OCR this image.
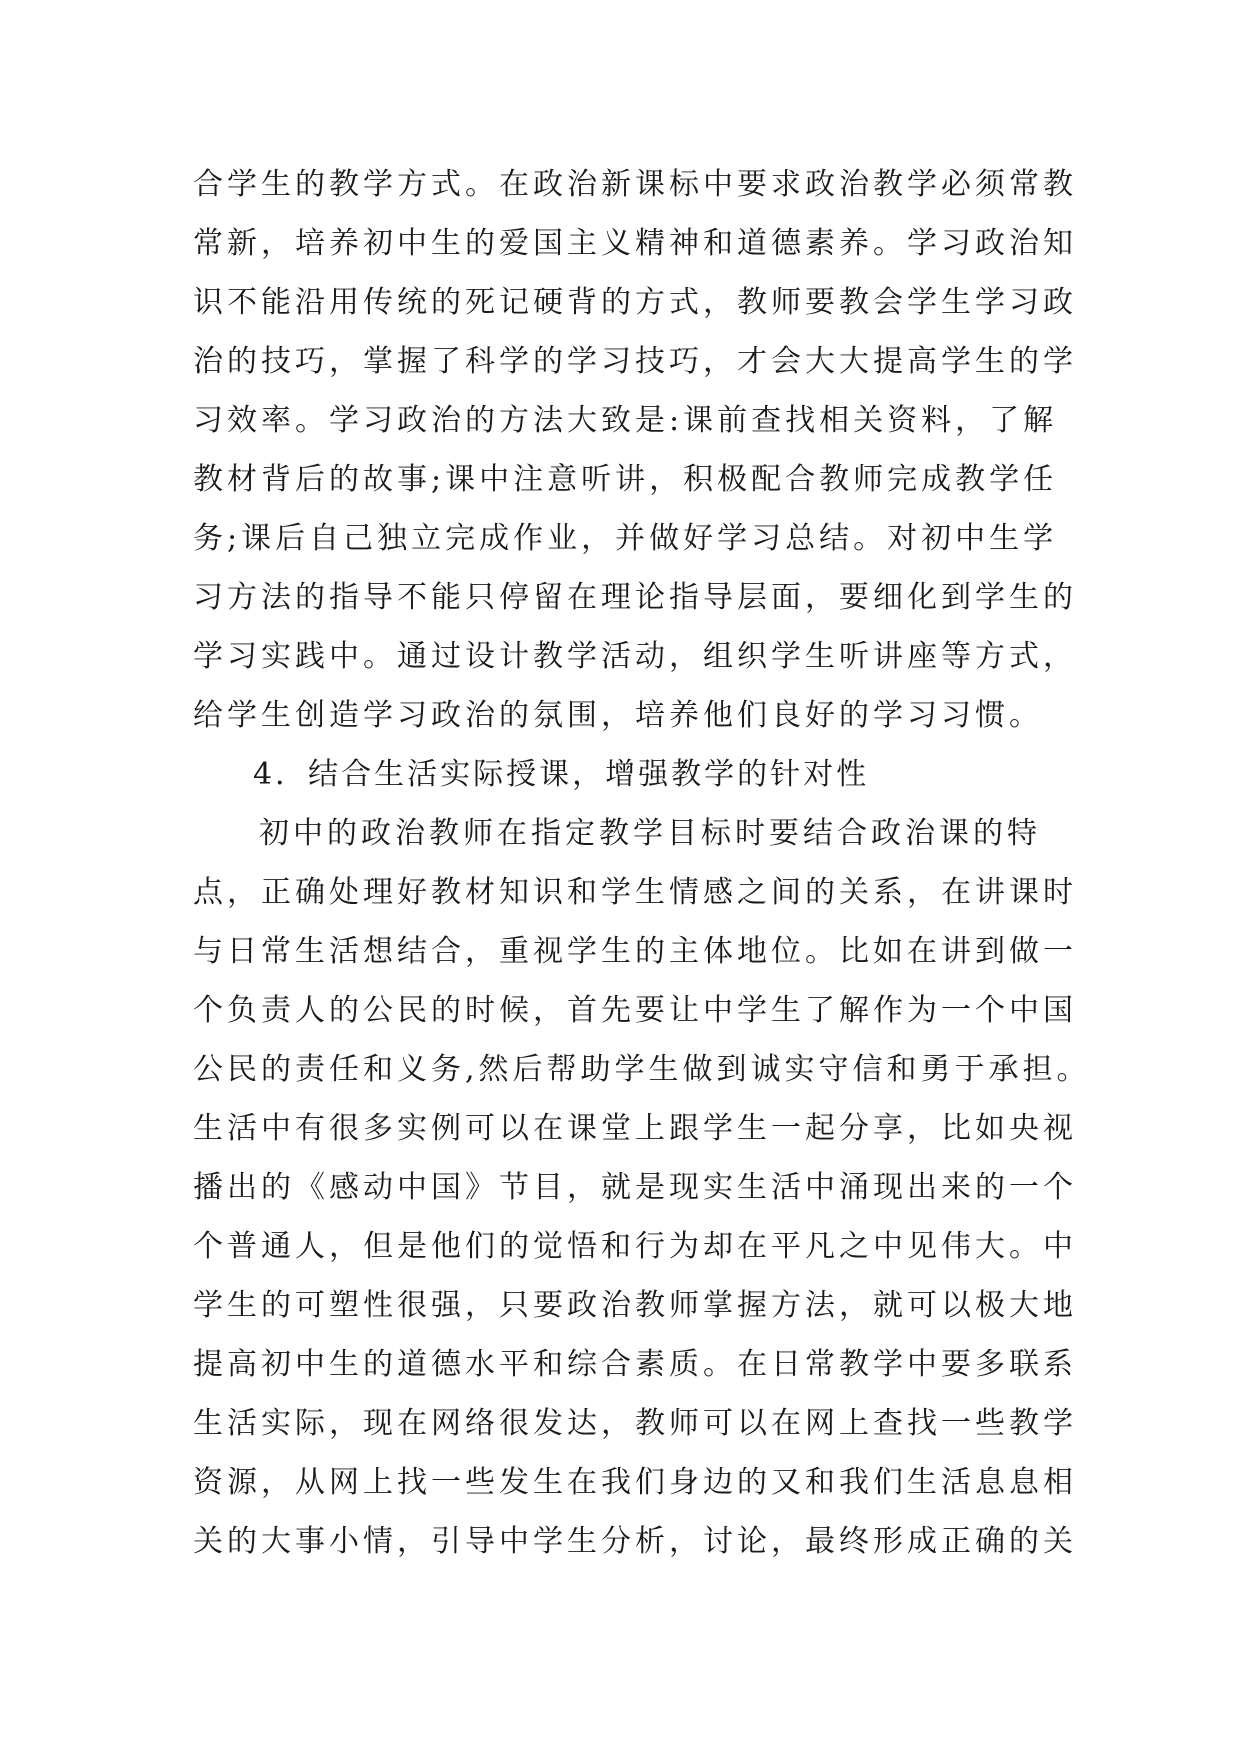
合学生的教学方式。在政治新课标中要求政治教学必须常教
常新，培养初中生的爱国主义精神和道德素养。学习政治知
识不能沿用传统的死记硬背的方式，教师要教会学生学习政
治的技巧，掌握了科学的学习技巧，才会大大提高学生的学
习效率。学习政治的方法大致是:课前查找相关资料，了解
教材背后的故事;课中注意听讲，积极配合教师完成教学任
务;课后自己独立完成作业，并做好学习总结。对初中生学
习方法的指导不能只停留在理论指导层面，要细化到学生的
学习实践中。通过设计教学活动，组织学生听讲座等方式，
给学生创造学习政治的氛围，培养他们良好的学习习惯。
4．结合生活实际授课，增强教学的针对性
初中的政治教师在指定教学目标时要结合政治课的特
点，正确处理好教材知识和学生情感之间的关系，在讲课时
与日常生活想结合，重视学生的主体地位。比如在讲到做一
个负责人的公民的时候，首先要让中学生了解作为一个中国
公民的责任和义务,然后帮助学生做到诚实守信和勇于承担。
生活中有很多实例可以在课堂上跟学生一起分享，比如央视
播出的《感动中国》节目，就是现实生活中涌现出来的一个
个普通人，但是他们的觉悟和行为却在平凡之中见伟大。中
学生的可塑性很强，只要政治教师掌握方法，就可以极大地
提高初中生的道德水平和综合素质。在日常教学中要多联系
生活实际，现在网络很发达，教师可以在网上查找一些教学
资源，从网上找一些发生在我们身边的又和我们生活息息相
关的大事小情，引导中学生分析，讨论，最终形成正确的关
